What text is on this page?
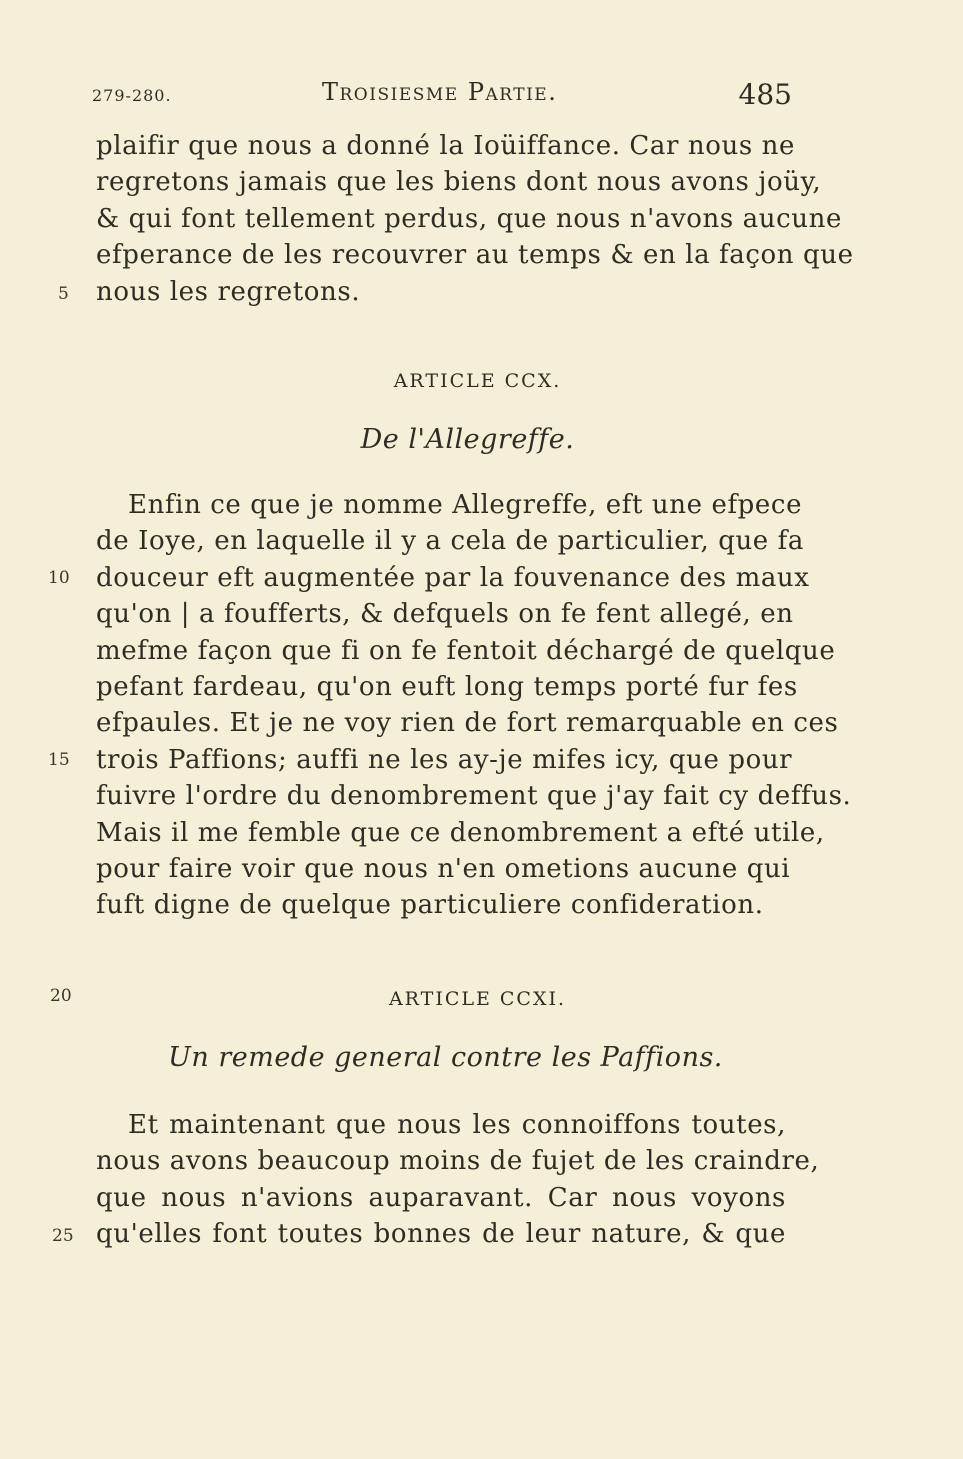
279-280.	Troisiesme Partie.	485
plaifir que nous a donné la Ioüiffance. Car nous ne
regretons jamais que les biens dont nous avons joüy,
& qui font tellement perdus, que nous n'avons aucune
efperance de les recouvrer au temps & en la façon que
nous les regretons.
ARTICLE CCX.
De l'Allegreffe.
Enfin ce que je nomme Allegreffe, eft une efpece
de Ioye, en laquelle il y a cela de particulier, que fa
douceur eft augmentée par la fouvenance des maux
qu'on | a foufferts, & defquels on fe fent allegé, en
mefme façon que fi on fe fentoit déchargé de quelque
pefant fardeau, qu'on euft long temps porté fur fes
efpaules. Et je ne voy rien de fort remarquable en ces
trois Paffions; auffi ne les ay-je mifes icy, que pour
fuivre l'ordre du denombrement que j'ay fait cy deffus.
Mais il me femble que ce denombrement a efté utile,
pour faire voir que nous n'en ometions aucune qui
fuft digne de quelque particuliere confideration.
ARTICLE CCXI.
Un remede general contre les Paffions.
Et maintenant que nous les connoiffons toutes,
nous avons beaucoup moins de fujet de les craindre,
que nous n'avions auparavant. Car nous voyons
qu'elles font toutes bonnes de leur nature, & que
5
10
15
20
25
